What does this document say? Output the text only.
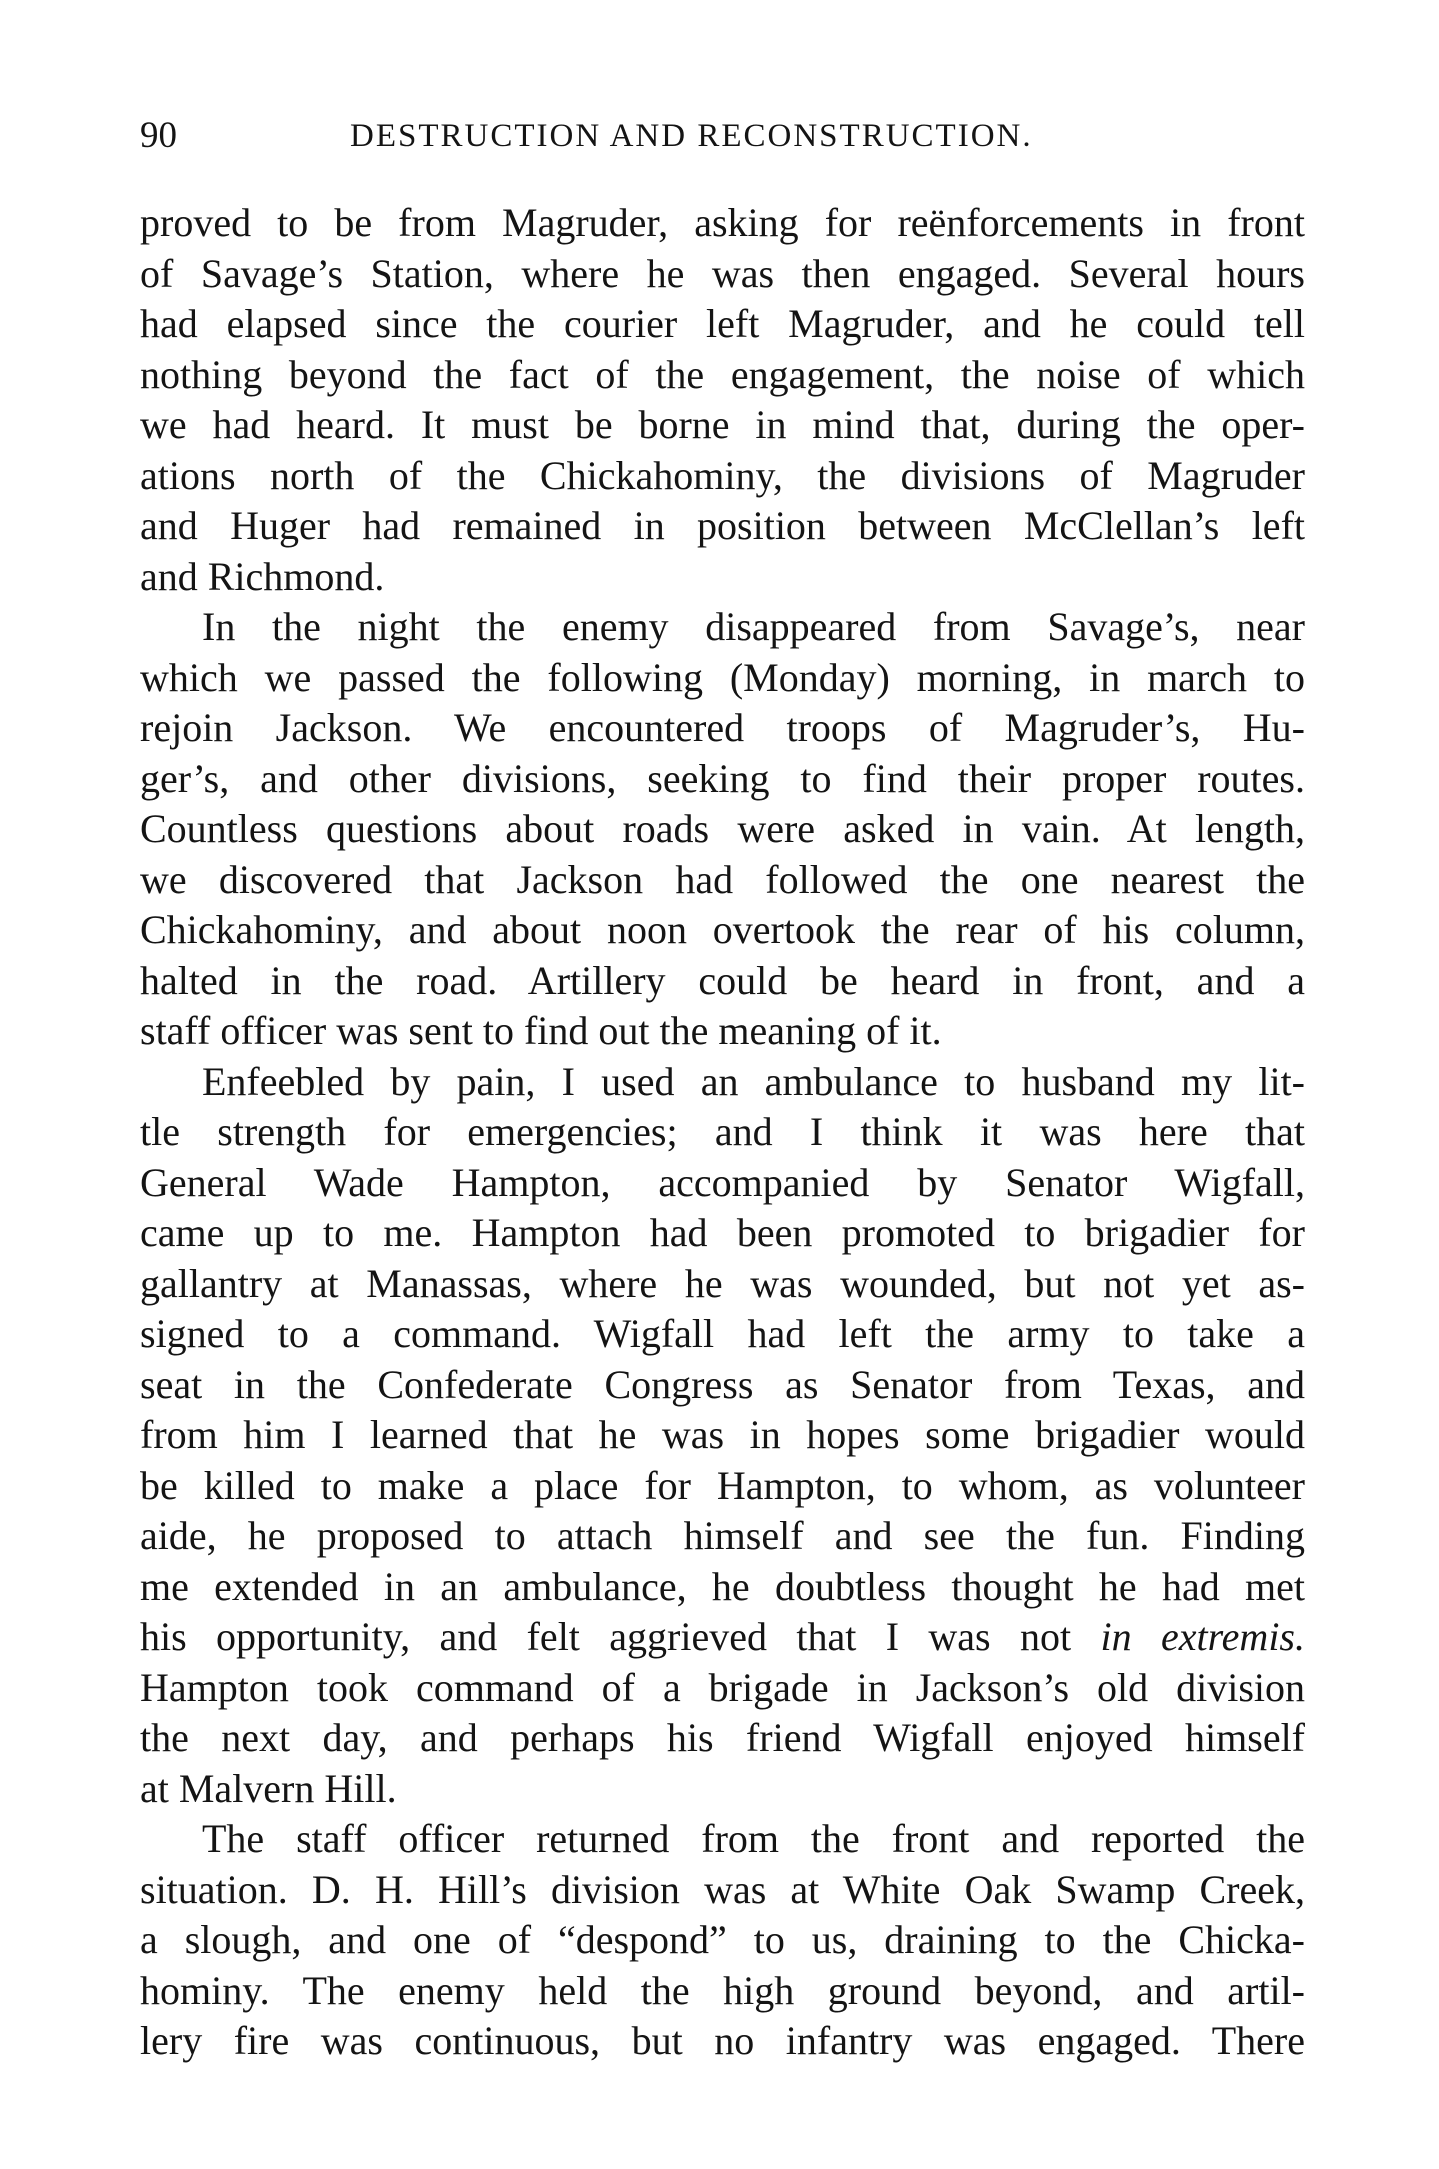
90	DESTRUCTION AND RECONSTRUCTION.

proved to be from Magruder, asking for reënforcements in front
of Savage’s Station, where he was then engaged. Several hours
had elapsed since the courier left Magruder, and he could tell
nothing beyond the fact of the engagement, the noise of which
we had heard. It must be borne in mind that, during the oper-
ations north of the Chickahominy, the divisions of Magruder
and Huger had remained in position between McClellan’s left
and Richmond.

In the night the enemy disappeared from Savage’s, near
which we passed the following (Monday) morning, in march to
rejoin Jackson. We encountered troops of Magruder’s, Hu-
ger’s, and other divisions, seeking to find their proper routes.
Countless questions about roads were asked in vain. At length,
we discovered that Jackson had followed the one nearest the
Chickahominy, and about noon overtook the rear of his column,
halted in the road. Artillery could be heard in front, and a
staff officer was sent to find out the meaning of it.

Enfeebled by pain, I used an ambulance to husband my lit-
tle strength for emergencies; and I think it was here that
General Wade Hampton, accompanied by Senator Wigfall,
came up to me. Hampton had been promoted to brigadier for
gallantry at Manassas, where he was wounded, but not yet as-
signed to a command. Wigfall had left the army to take a
seat in the Confederate Congress as Senator from Texas, and
from him I learned that he was in hopes some brigadier would
be killed to make a place for Hampton, to whom, as volunteer
aide, he proposed to attach himself and see the fun. Finding
me extended in an ambulance, he doubtless thought he had met
his opportunity, and felt aggrieved that I was not in extremis.
Hampton took command of a brigade in Jackson’s old division
the next day, and perhaps his friend Wigfall enjoyed himself
at Malvern Hill.

The staff officer returned from the front and reported the
situation. D. H. Hill’s division was at White Oak Swamp Creek,
a slough, and one of “despond” to us, draining to the Chicka-
hominy. The enemy held the high ground beyond, and artil-
lery fire was continuous, but no infantry was engaged. There
